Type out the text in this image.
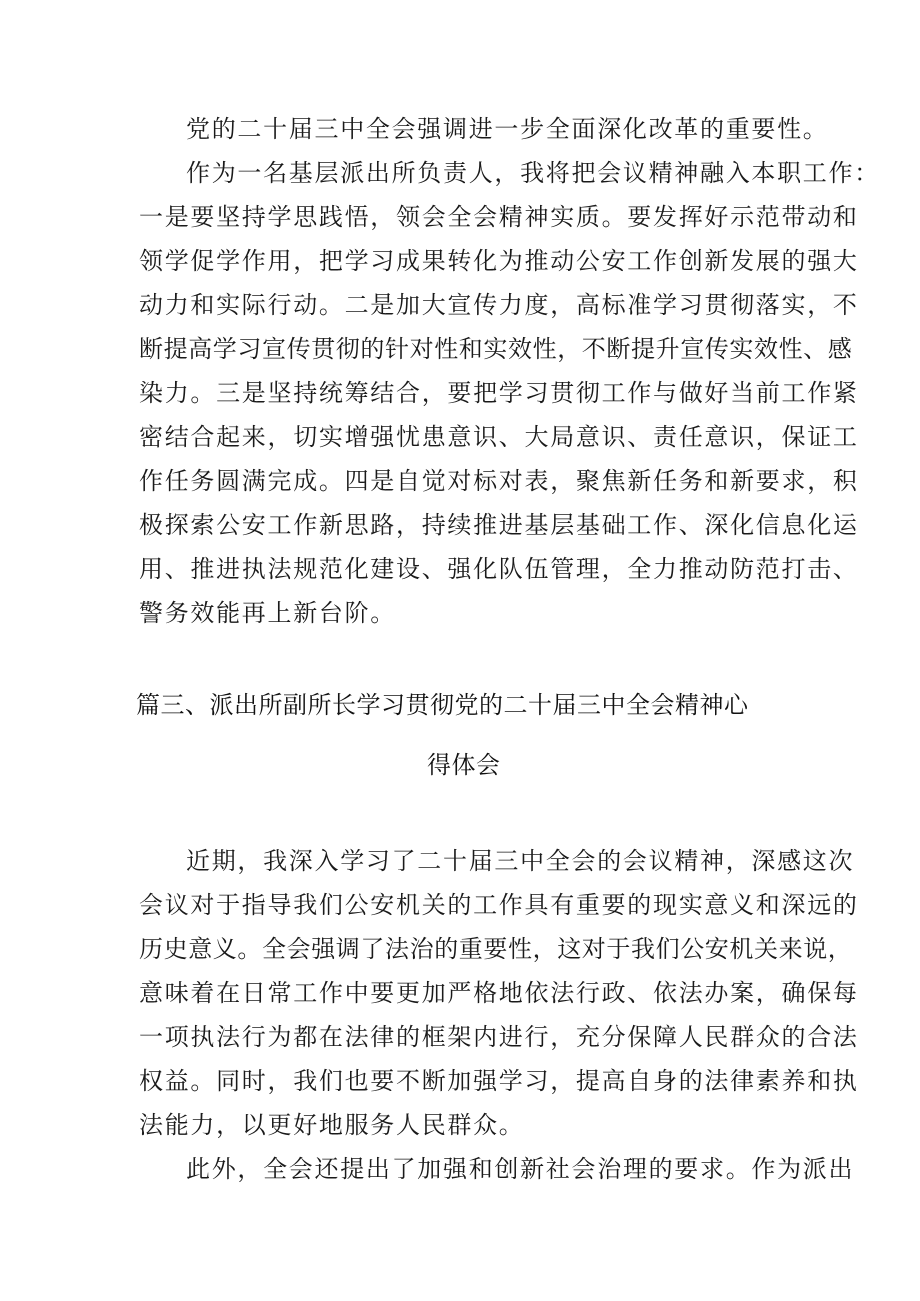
党的二十届三中全会强调进一步全面深化改革的重要性。
作为一名基层派出所负责人，我将把会议精神融入本职工作：
一是要坚持学思践悟，领会全会精神实质。要发挥好示范带动和
领学促学作用，把学习成果转化为推动公安工作创新发展的强大
动力和实际行动。二是加大宣传力度，高标准学习贯彻落实，不
断提高学习宣传贯彻的针对性和实效性，不断提升宣传实效性、感
染力。三是坚持统筹结合，要把学习贯彻工作与做好当前工作紧
密结合起来，切实增强忧患意识、大局意识、责任意识，保证工
作任务圆满完成。四是自觉对标对表，聚焦新任务和新要求，积
极探索公安工作新思路，持续推进基层基础工作、深化信息化运
用、推进执法规范化建设、强化队伍管理，全力推动防范打击、
警务效能再上新台阶。
篇三、派出所副所长学习贯彻党的二十届三中全会精神心
得体会
近期，我深入学习了二十届三中全会的会议精神，深感这次
会议对于指导我们公安机关的工作具有重要的现实意义和深远的
历史意义。全会强调了法治的重要性，这对于我们公安机关来说，
意味着在日常工作中要更加严格地依法行政、依法办案，确保每
一项执法行为都在法律的框架内进行，充分保障人民群众的合法
权益。同时，我们也要不断加强学习，提高自身的法律素养和执
法能力，以更好地服务人民群众。
此外，全会还提出了加强和创新社会治理的要求。作为派出
